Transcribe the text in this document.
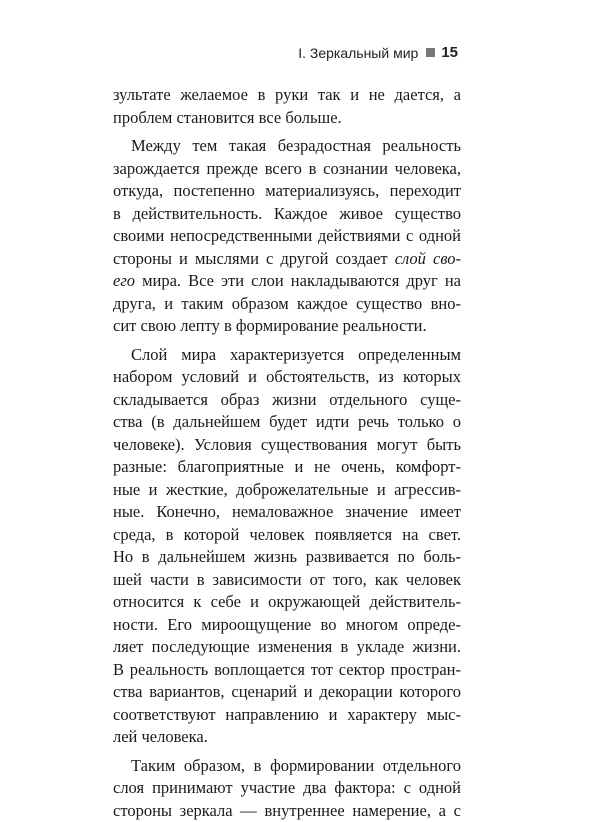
I. Зеркальный мир 15
зультате желаемое в руки так и не дается, а
проблем становится все больше.
Между тем такая безрадостная реальность
зарождается прежде всего в сознании человека,
откуда, постепенно материализуясь, переходит
в действительность. Каждое живое существо
своими непосредственными действиями с одной
стороны и мыслями с другой создает слой сво-
его мира. Все эти слои накладываются друг на
друга, и таким образом каждое существо вно-
сит свою лепту в формирование реальности.
Слой мира характеризуется определенным
набором условий и обстоятельств, из которых
складывается образ жизни отдельного суще-
ства (в дальнейшем будет идти речь только о
человеке). Условия существования могут быть
разные: благоприятные и не очень, комфорт-
ные и жесткие, доброжелательные и агрессив-
ные. Конечно, немаловажное значение имеет
среда, в которой человек появляется на свет.
Но в дальнейшем жизнь развивается по боль-
шей части в зависимости от того, как человек
относится к себе и окружающей действитель-
ности. Его мироощущение во многом опреде-
ляет последующие изменения в укладе жизни.
В реальность воплощается тот сектор простран-
ства вариантов, сценарий и декорации которого
соответствуют направлению и характеру мыс-
лей человека.
Таким образом, в формировании отдельного
слоя принимают участие два фактора: с одной
стороны зеркала — внутреннее намерение, а с
